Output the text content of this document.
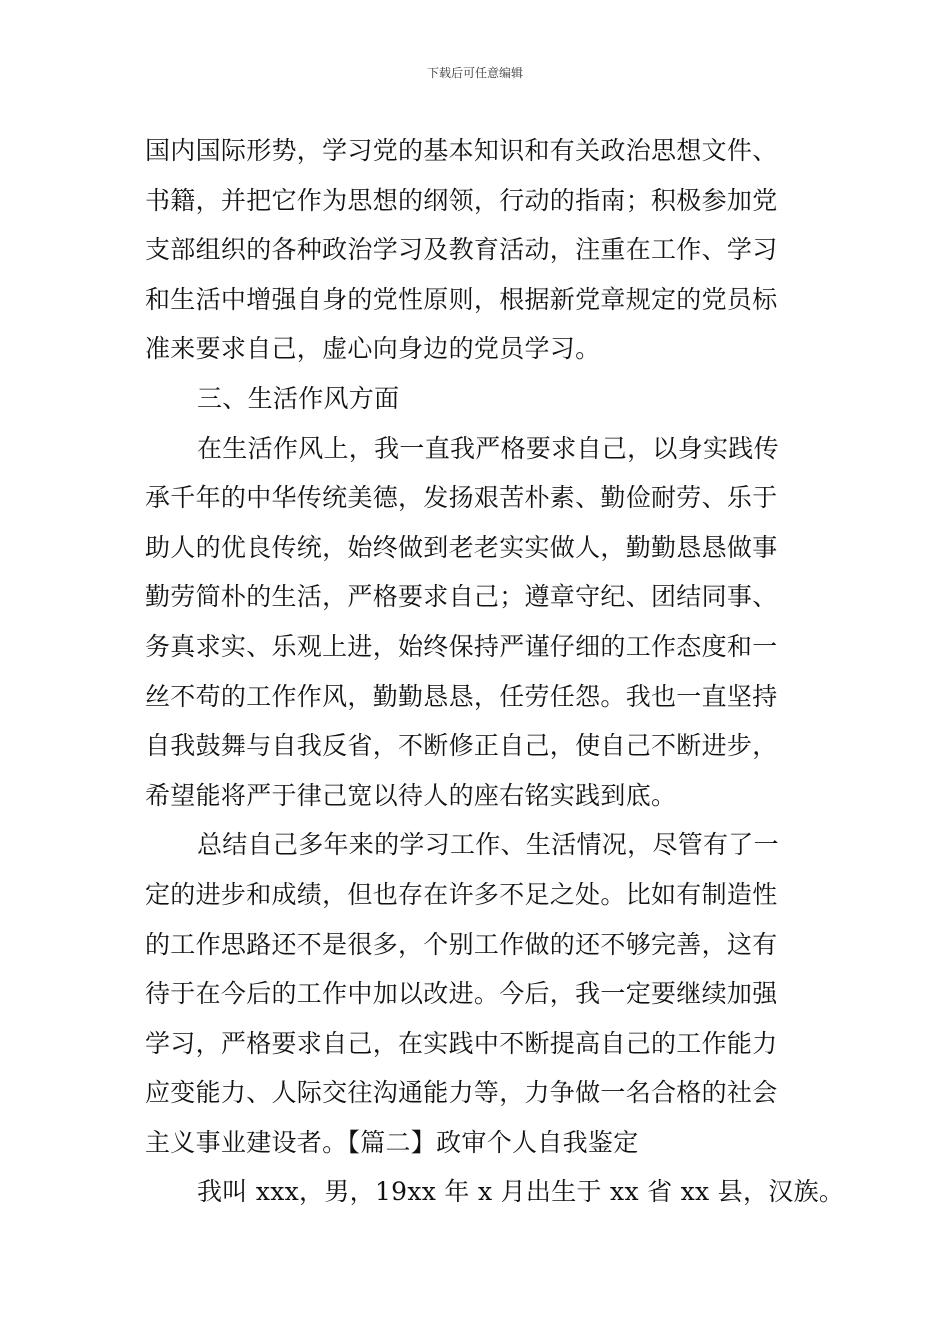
下载后可任意编辑
国内国际形势，学习党的基本知识和有关政治思想文件、
书籍，并把它作为思想的纲领，行动的指南；积极参加党
支部组织的各种政治学习及教育活动，注重在工作、学习
和生活中增强自身的党性原则，根据新党章规定的党员标
准来要求自己，虚心向身边的党员学习。
三、生活作风方面
在生活作风上，我一直我严格要求自己，以身实践传
承千年的中华传统美德，发扬艰苦朴素、勤俭耐劳、乐于
助人的优良传统，始终做到老老实实做人，勤勤恳恳做事
勤劳简朴的生活，严格要求自己；遵章守纪、团结同事、
务真求实、乐观上进，始终保持严谨仔细的工作态度和一
丝不苟的工作作风，勤勤恳恳，任劳任怨。我也一直坚持
自我鼓舞与自我反省，不断修正自己，使自己不断进步，
希望能将严于律己宽以待人的座右铭实践到底。
总结自己多年来的学习工作、生活情况，尽管有了一
定的进步和成绩，但也存在许多不足之处。比如有制造性
的工作思路还不是很多，个别工作做的还不够完善，这有
待于在今后的工作中加以改进。今后，我一定要继续加强
学习，严格要求自己，在实践中不断提高自己的工作能力
应变能力、人际交往沟通能力等，力争做一名合格的社会
主义事业建设者。【篇二】政审个人自我鉴定
我叫 xxx，男，19xx 年 x 月出生于 xx 省 xx 县，汉族。
